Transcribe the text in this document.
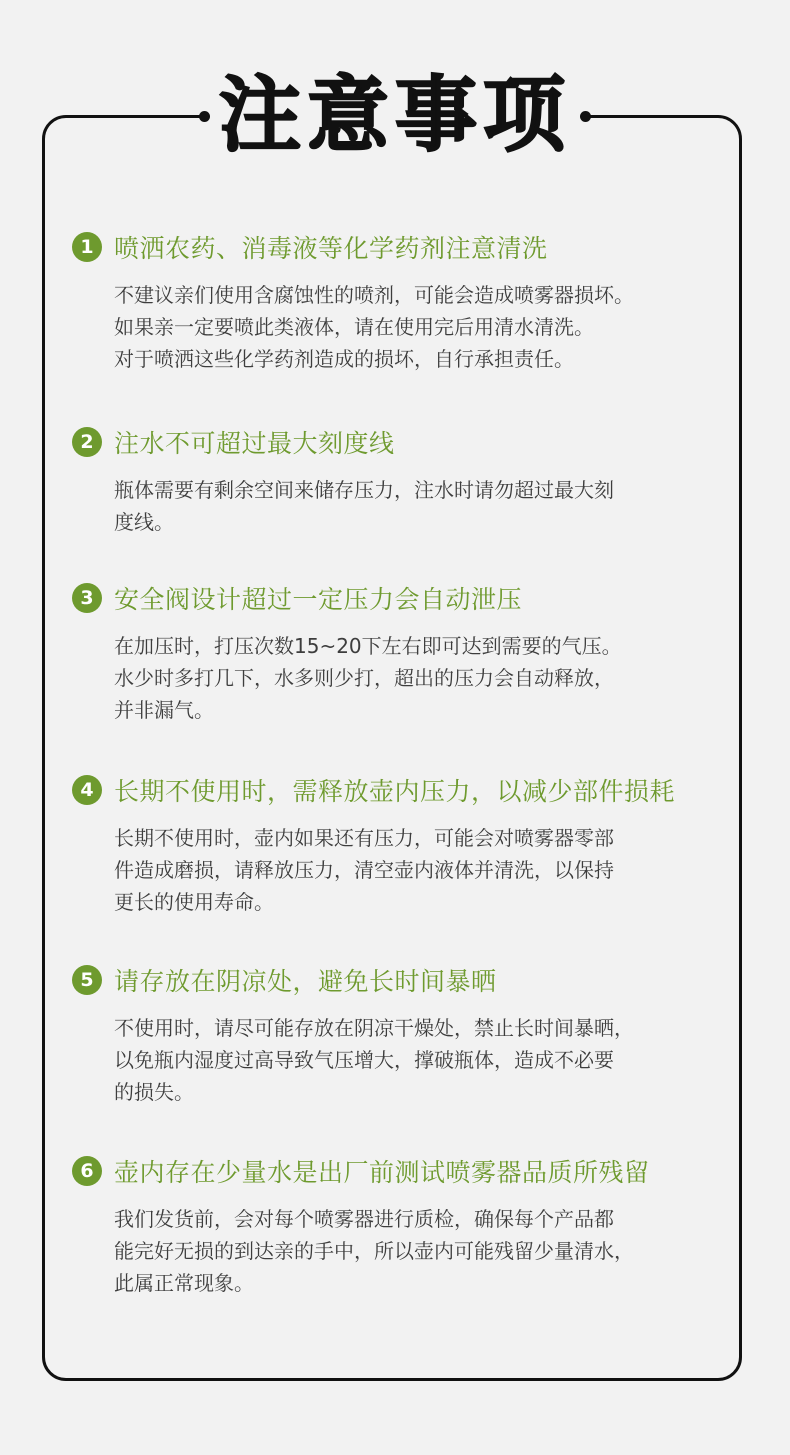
注意事项
1 喷洒农药、消毒液等化学药剂注意清洗
不建议亲们使用含腐蚀性的喷剂，可能会造成喷雾器损坏。
如果亲一定要喷此类液体，请在使用完后用清水清洗。
对于喷洒这些化学药剂造成的损坏，自行承担责任。
2 注水不可超过最大刻度线
瓶体需要有剩余空间来储存压力，注水时请勿超过最大刻
度线。
3 安全阀设计超过一定压力会自动泄压
在加压时，打压次数15~20下左右即可达到需要的气压。
水少时多打几下，水多则少打，超出的压力会自动释放，
并非漏气。
4 长期不使用时，需释放壶内压力，以减少部件损耗
长期不使用时，壶内如果还有压力，可能会对喷雾器零部
件造成磨损，请释放压力，清空壶内液体并清洗，以保持
更长的使用寿命。
5 请存放在阴凉处，避免长时间暴晒
不使用时，请尽可能存放在阴凉干燥处，禁止长时间暴晒，
以免瓶内湿度过高导致气压增大，撑破瓶体，造成不必要
的损失。
6 壶内存在少量水是出厂前测试喷雾器品质所残留
我们发货前，会对每个喷雾器进行质检，确保每个产品都
能完好无损的到达亲的手中，所以壶内可能残留少量清水，
此属正常现象。
